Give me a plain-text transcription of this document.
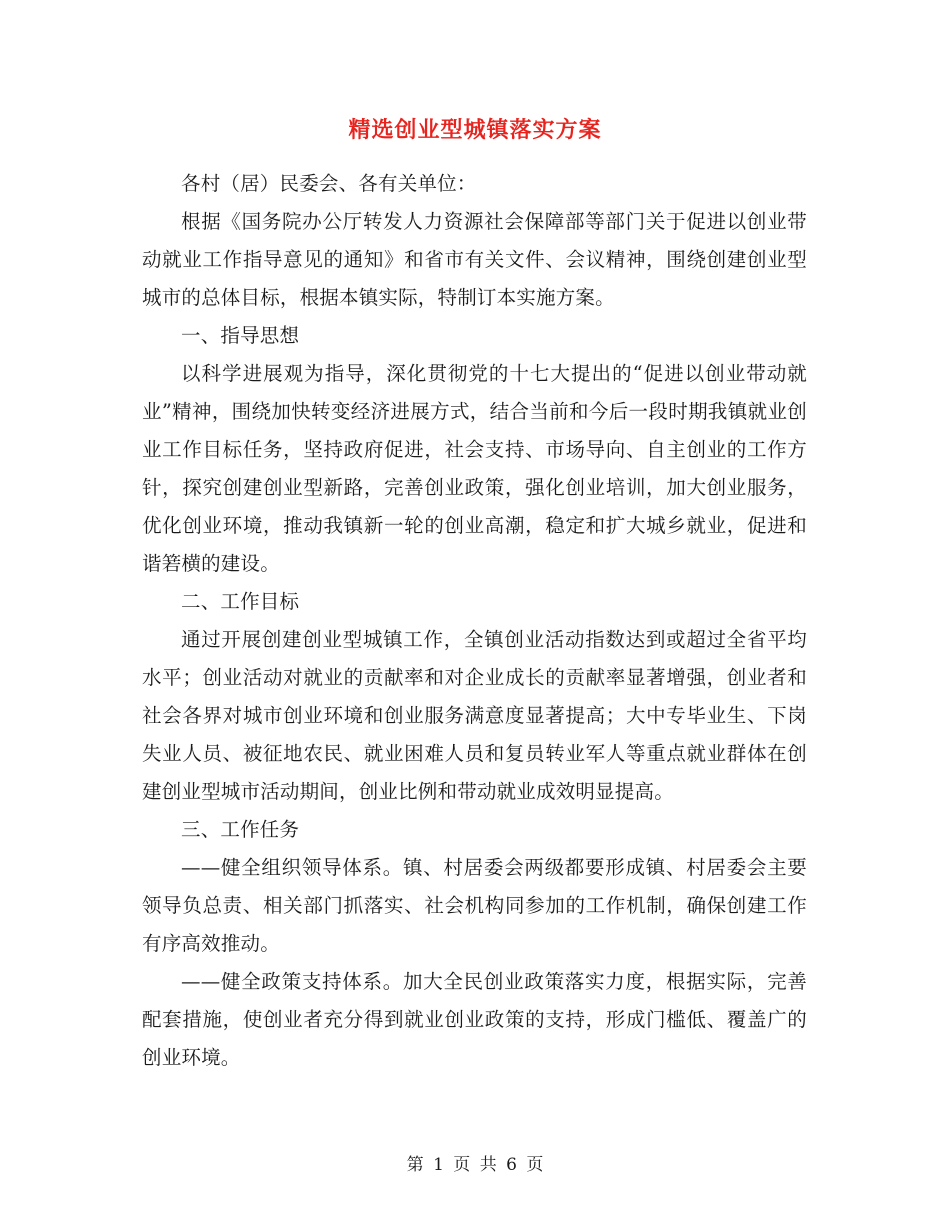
精选创业型城镇落实方案

各村（居）民委会、各有关单位：

根据《国务院办公厅转发人力资源社会保障部等部门关于促进以创业带动就业工作指导意见的通知》和省市有关文件、会议精神，围绕创建创业型城市的总体目标，根据本镇实际，特制订本实施方案。

一、指导思想

以科学进展观为指导，深化贯彻党的十七大提出的“促进以创业带动就业”精神，围绕加快转变经济进展方式，结合当前和今后一段时期我镇就业创业工作目标任务，坚持政府促进，社会支持、市场导向、自主创业的工作方针，探究创建创业型新路，完善创业政策，强化创业培训，加大创业服务，优化创业环境，推动我镇新一轮的创业高潮，稳定和扩大城乡就业，促进和谐箬横的建设。

二、工作目标

通过开展创建创业型城镇工作，全镇创业活动指数达到或超过全省平均水平；创业活动对就业的贡献率和对企业成长的贡献率显著增强，创业者和社会各界对城市创业环境和创业服务满意度显著提高；大中专毕业生、下岗失业人员、被征地农民、就业困难人员和复员转业军人等重点就业群体在创建创业型城市活动期间，创业比例和带动就业成效明显提高。

三、工作任务

——健全组织领导体系。镇、村居委会两级都要形成镇、村居委会主要领导负总责、相关部门抓落实、社会机构同参加的工作机制，确保创建工作有序高效推动。

——健全政策支持体系。加大全民创业政策落实力度，根据实际，完善配套措施，使创业者充分得到就业创业政策的支持，形成门槛低、覆盖广的创业环境。

第 1 页 共 6 页
